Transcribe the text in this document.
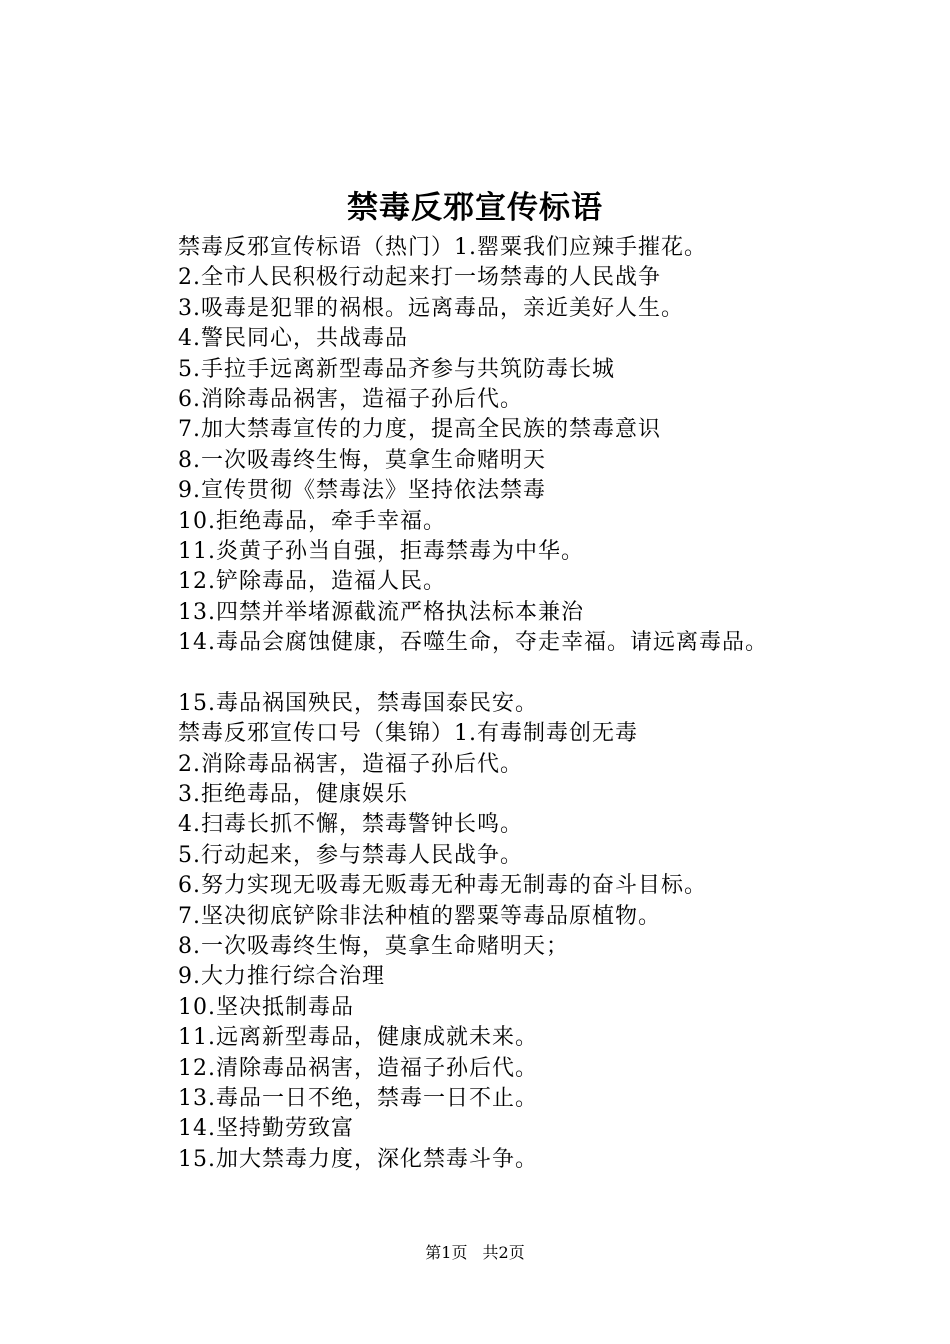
禁毒反邪宣传标语
禁毒反邪宣传标语（热门）1.罂粟我们应辣手摧花。
2.全市人民积极行动起来打一场禁毒的人民战争
3.吸毒是犯罪的祸根。远离毒品，亲近美好人生。
4.警民同心，共战毒品
5.手拉手远离新型毒品齐参与共筑防毒长城
6.消除毒品祸害，造福子孙后代。
7.加大禁毒宣传的力度，提高全民族的禁毒意识
8.一次吸毒终生悔，莫拿生命赌明天
9.宣传贯彻《禁毒法》坚持依法禁毒
10.拒绝毒品，牵手幸福。
11.炎黄子孙当自强，拒毒禁毒为中华。
12.铲除毒品，造福人民。
13.四禁并举堵源截流严格执法标本兼治
14.毒品会腐蚀健康，吞噬生命，夺走幸福。请远离毒品。
15.毒品祸国殃民，禁毒国泰民安。
禁毒反邪宣传口号（集锦）1.有毒制毒创无毒
2.消除毒品祸害，造福子孙后代。
3.拒绝毒品，健康娱乐
4.扫毒长抓不懈，禁毒警钟长鸣。
5.行动起来，参与禁毒人民战争。
6.努力实现无吸毒无贩毒无种毒无制毒的奋斗目标。
7.坚决彻底铲除非法种植的罂粟等毒品原植物。
8.一次吸毒终生悔，莫拿生命赌明天；
9.大力推行综合治理
10.坚决抵制毒品
11.远离新型毒品，健康成就未来。
12.清除毒品祸害，造福子孙后代。
13.毒品一日不绝，禁毒一日不止。
14.坚持勤劳致富
15.加大禁毒力度，深化禁毒斗争。
第1页 共2页
